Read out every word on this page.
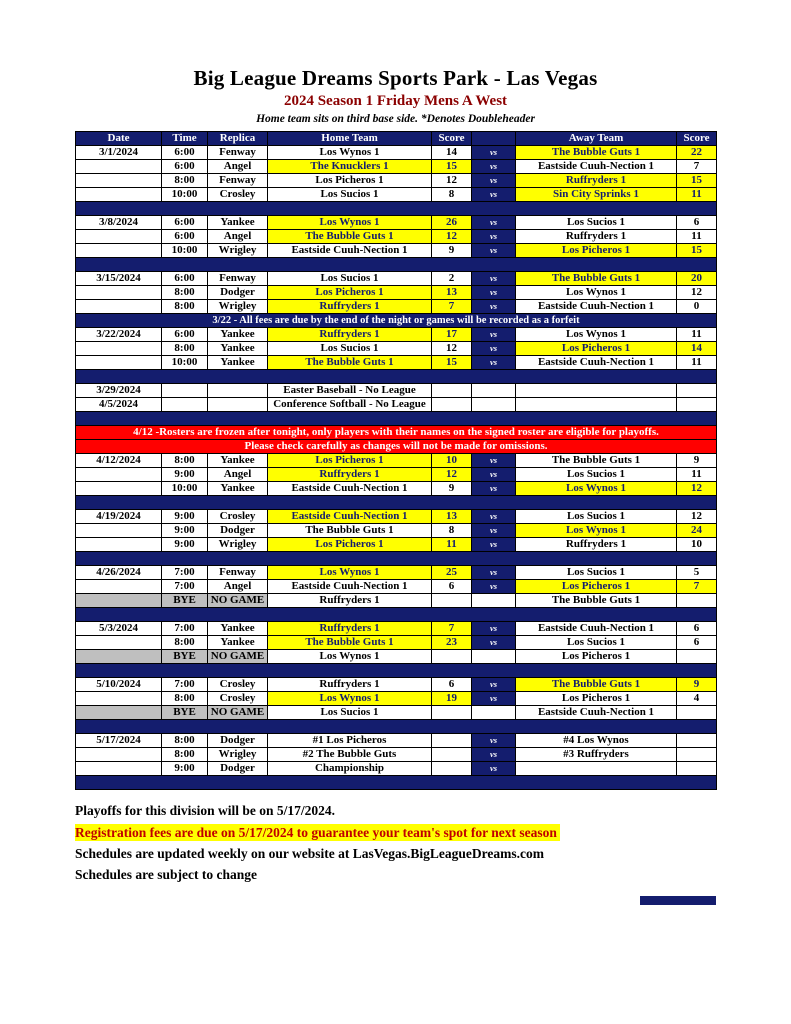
Big League Dreams Sports Park - Las Vegas
2024 Season 1 Friday Mens A West
Home team sits on third base side. *Denotes Doubleheader
Date	Time	Replica	Home Team	Score		Away Team	Score
3/1/2024	6:00	Fenway	Los Wynos 1	14	vs	The Bubble Guts 1	22
	6:00	Angel	The Knucklers 1	15	vs	Eastside Cuuh-Nection 1	7
	8:00	Fenway	Los Picheros 1	12	vs	Ruffryders 1	15
	10:00	Crosley	Los Sucios 1	8	vs	Sin City Sprinks 1	11

3/8/2024	6:00	Yankee	Los Wynos 1	26	vs	Los Sucios 1	6
	6:00	Angel	The Bubble Guts 1	12	vs	Ruffryders 1	11
	10:00	Wrigley	Eastside Cuuh-Nection 1	9	vs	Los Picheros 1	15

3/15/2024	6:00	Fenway	Los Sucios 1	2	vs	The Bubble Guts 1	20
	8:00	Dodger	Los Picheros 1	13	vs	Los Wynos 1	12
	8:00	Wrigley	Ruffryders 1	7	vs	Eastside Cuuh-Nection 1	0
3/22 - All fees are due by the end of the night or games will be recorded as a forfeit							
3/22/2024	6:00	Yankee	Ruffryders 1	17	vs	Los Wynos 1	11
	8:00	Yankee	Los Sucios 1	12	vs	Los Picheros 1	14
	10:00	Yankee	The Bubble Guts 1	15	vs	Eastside Cuuh-Nection 1	11

3/29/2024			Easter Baseball - No League				
4/5/2024			Conference Softball - No League				

4/12 -Rosters are frozen after tonight, only players with their names on the signed roster are eligible for playoffs.							
Please check carefully as changes will not be made for omissions.							
4/12/2024	8:00	Yankee	Los Picheros 1	10	vs	The Bubble Guts 1	9
	9:00	Angel	Ruffryders 1	12	vs	Los Sucios 1	11
	10:00	Yankee	Eastside Cuuh-Nection 1	9	vs	Los Wynos 1	12

4/19/2024	9:00	Crosley	Eastside Cuuh-Nection 1	13	vs	Los Sucios 1	12
	9:00	Dodger	The Bubble Guts 1	8	vs	Los Wynos 1	24
	9:00	Wrigley	Los Picheros 1	11	vs	Ruffryders 1	10

4/26/2024	7:00	Fenway	Los Wynos 1	25	vs	Los Sucios 1	5
	7:00	Angel	Eastside Cuuh-Nection 1	6	vs	Los Picheros 1	7
	BYE	NO GAME	Ruffryders 1			The Bubble Guts 1	

5/3/2024	7:00	Yankee	Ruffryders 1	7	vs	Eastside Cuuh-Nection 1	6
	8:00	Yankee	The Bubble Guts 1	23	vs	Los Sucios 1	6
	BYE	NO GAME	Los Wynos 1			Los Picheros 1	

5/10/2024	7:00	Crosley	Ruffryders 1	6	vs	The Bubble Guts 1	9
	8:00	Crosley	Los Wynos 1	19	vs	Los Picheros 1	4
	BYE	NO GAME	Los Sucios 1			Eastside Cuuh-Nection 1	

5/17/2024	8:00	Dodger	#1 Los Picheros		vs	#4 Los Wynos	
	8:00	Wrigley	#2 The Bubble Guts		vs	#3 Ruffryders	
	9:00	Dodger	Championship		vs		

Playoffs for this division will be on 5/17/2024.
Registration fees are due on 5/17/2024 to guarantee your team's spot for next season
Schedules are updated weekly on our website at LasVegas.BigLeagueDreams.com
Schedules are subject to change
